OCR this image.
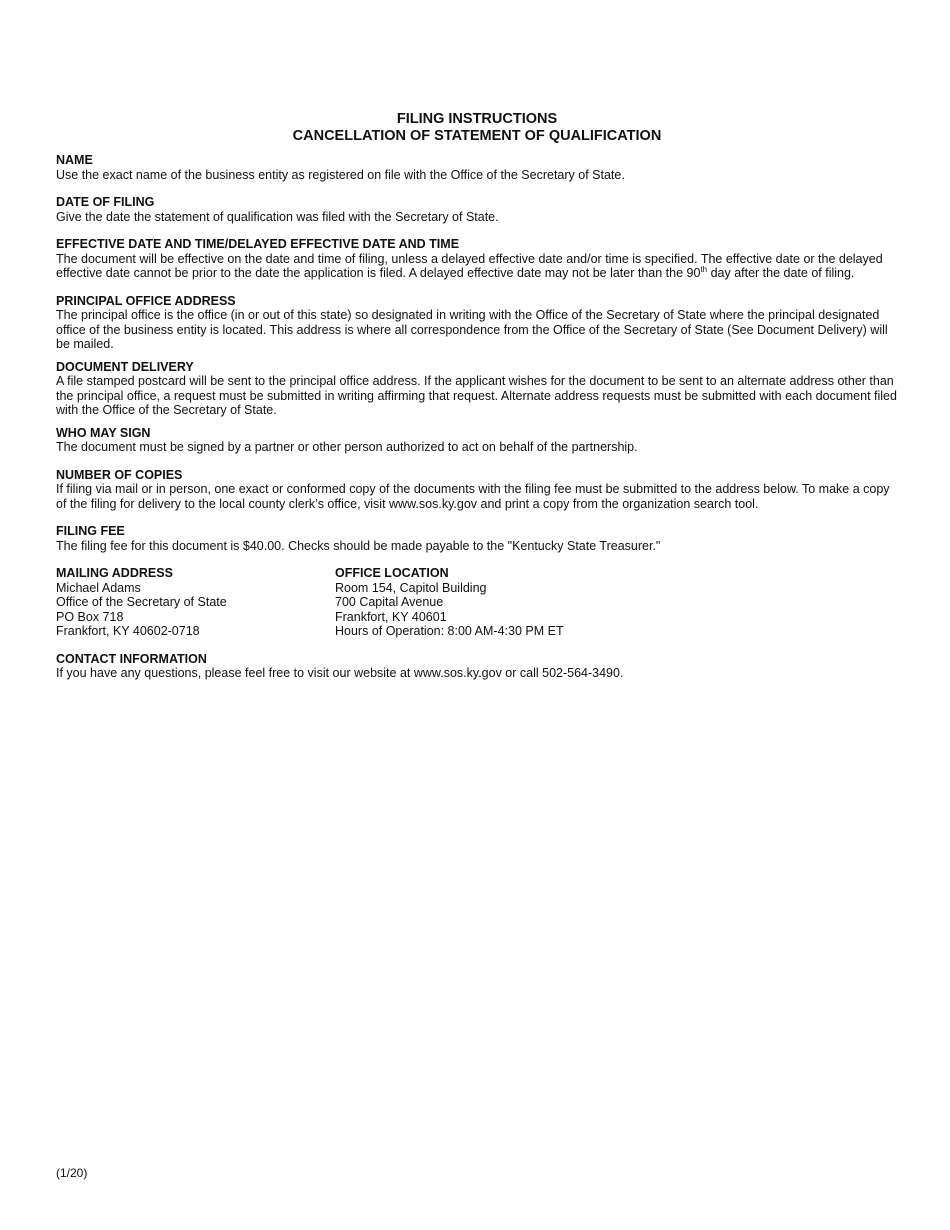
FILING INSTRUCTIONS
CANCELLATION OF STATEMENT OF QUALIFICATION
NAME
Use the exact name of the business entity as registered on file with the Office of the Secretary of State.
DATE OF FILING
Give the date the statement of qualification was filed with the Secretary of State.
EFFECTIVE DATE AND TIME/DELAYED EFFECTIVE DATE AND TIME
The document will be effective on the date and time of filing, unless a delayed effective date and/or time is specified. The effective date or the delayed effective date cannot be prior to the date the application is filed. A delayed effective date may not be later than the 90th day after the date of filing.
PRINCIPAL OFFICE ADDRESS
The principal office is the office (in or out of this state) so designated in writing with the Office of the Secretary of State where the principal designated office of the business entity is located. This address is where all correspondence from the Office of the Secretary of State (See Document Delivery) will be mailed.
DOCUMENT DELIVERY
A file stamped postcard will be sent to the principal office address. If the applicant wishes for the document to be sent to an alternate address other than the principal office, a request must be submitted in writing affirming that request. Alternate address requests must be submitted with each document filed with the Office of the Secretary of State.
WHO MAY SIGN
The document must be signed by a partner or other person authorized to act on behalf of the partnership.
NUMBER OF COPIES
If filing via mail or in person, one exact or conformed copy of the documents with the filing fee must be submitted to the address below. To make a copy of the filing for delivery to the local county clerk’s office, visit www.sos.ky.gov and print a copy from the organization search tool.
FILING FEE
The filing fee for this document is $40.00. Checks should be made payable to the "Kentucky State Treasurer."
MAILING ADDRESS
Michael Adams
Office of the Secretary of State
PO Box 718
Frankfort, KY 40602-0718
OFFICE LOCATION
Room 154, Capitol Building
700 Capital Avenue
Frankfort, KY 40601
Hours of Operation: 8:00 AM-4:30 PM ET
CONTACT INFORMATION
If you have any questions, please feel free to visit our website at www.sos.ky.gov or call 502-564-3490.
(1/20)
